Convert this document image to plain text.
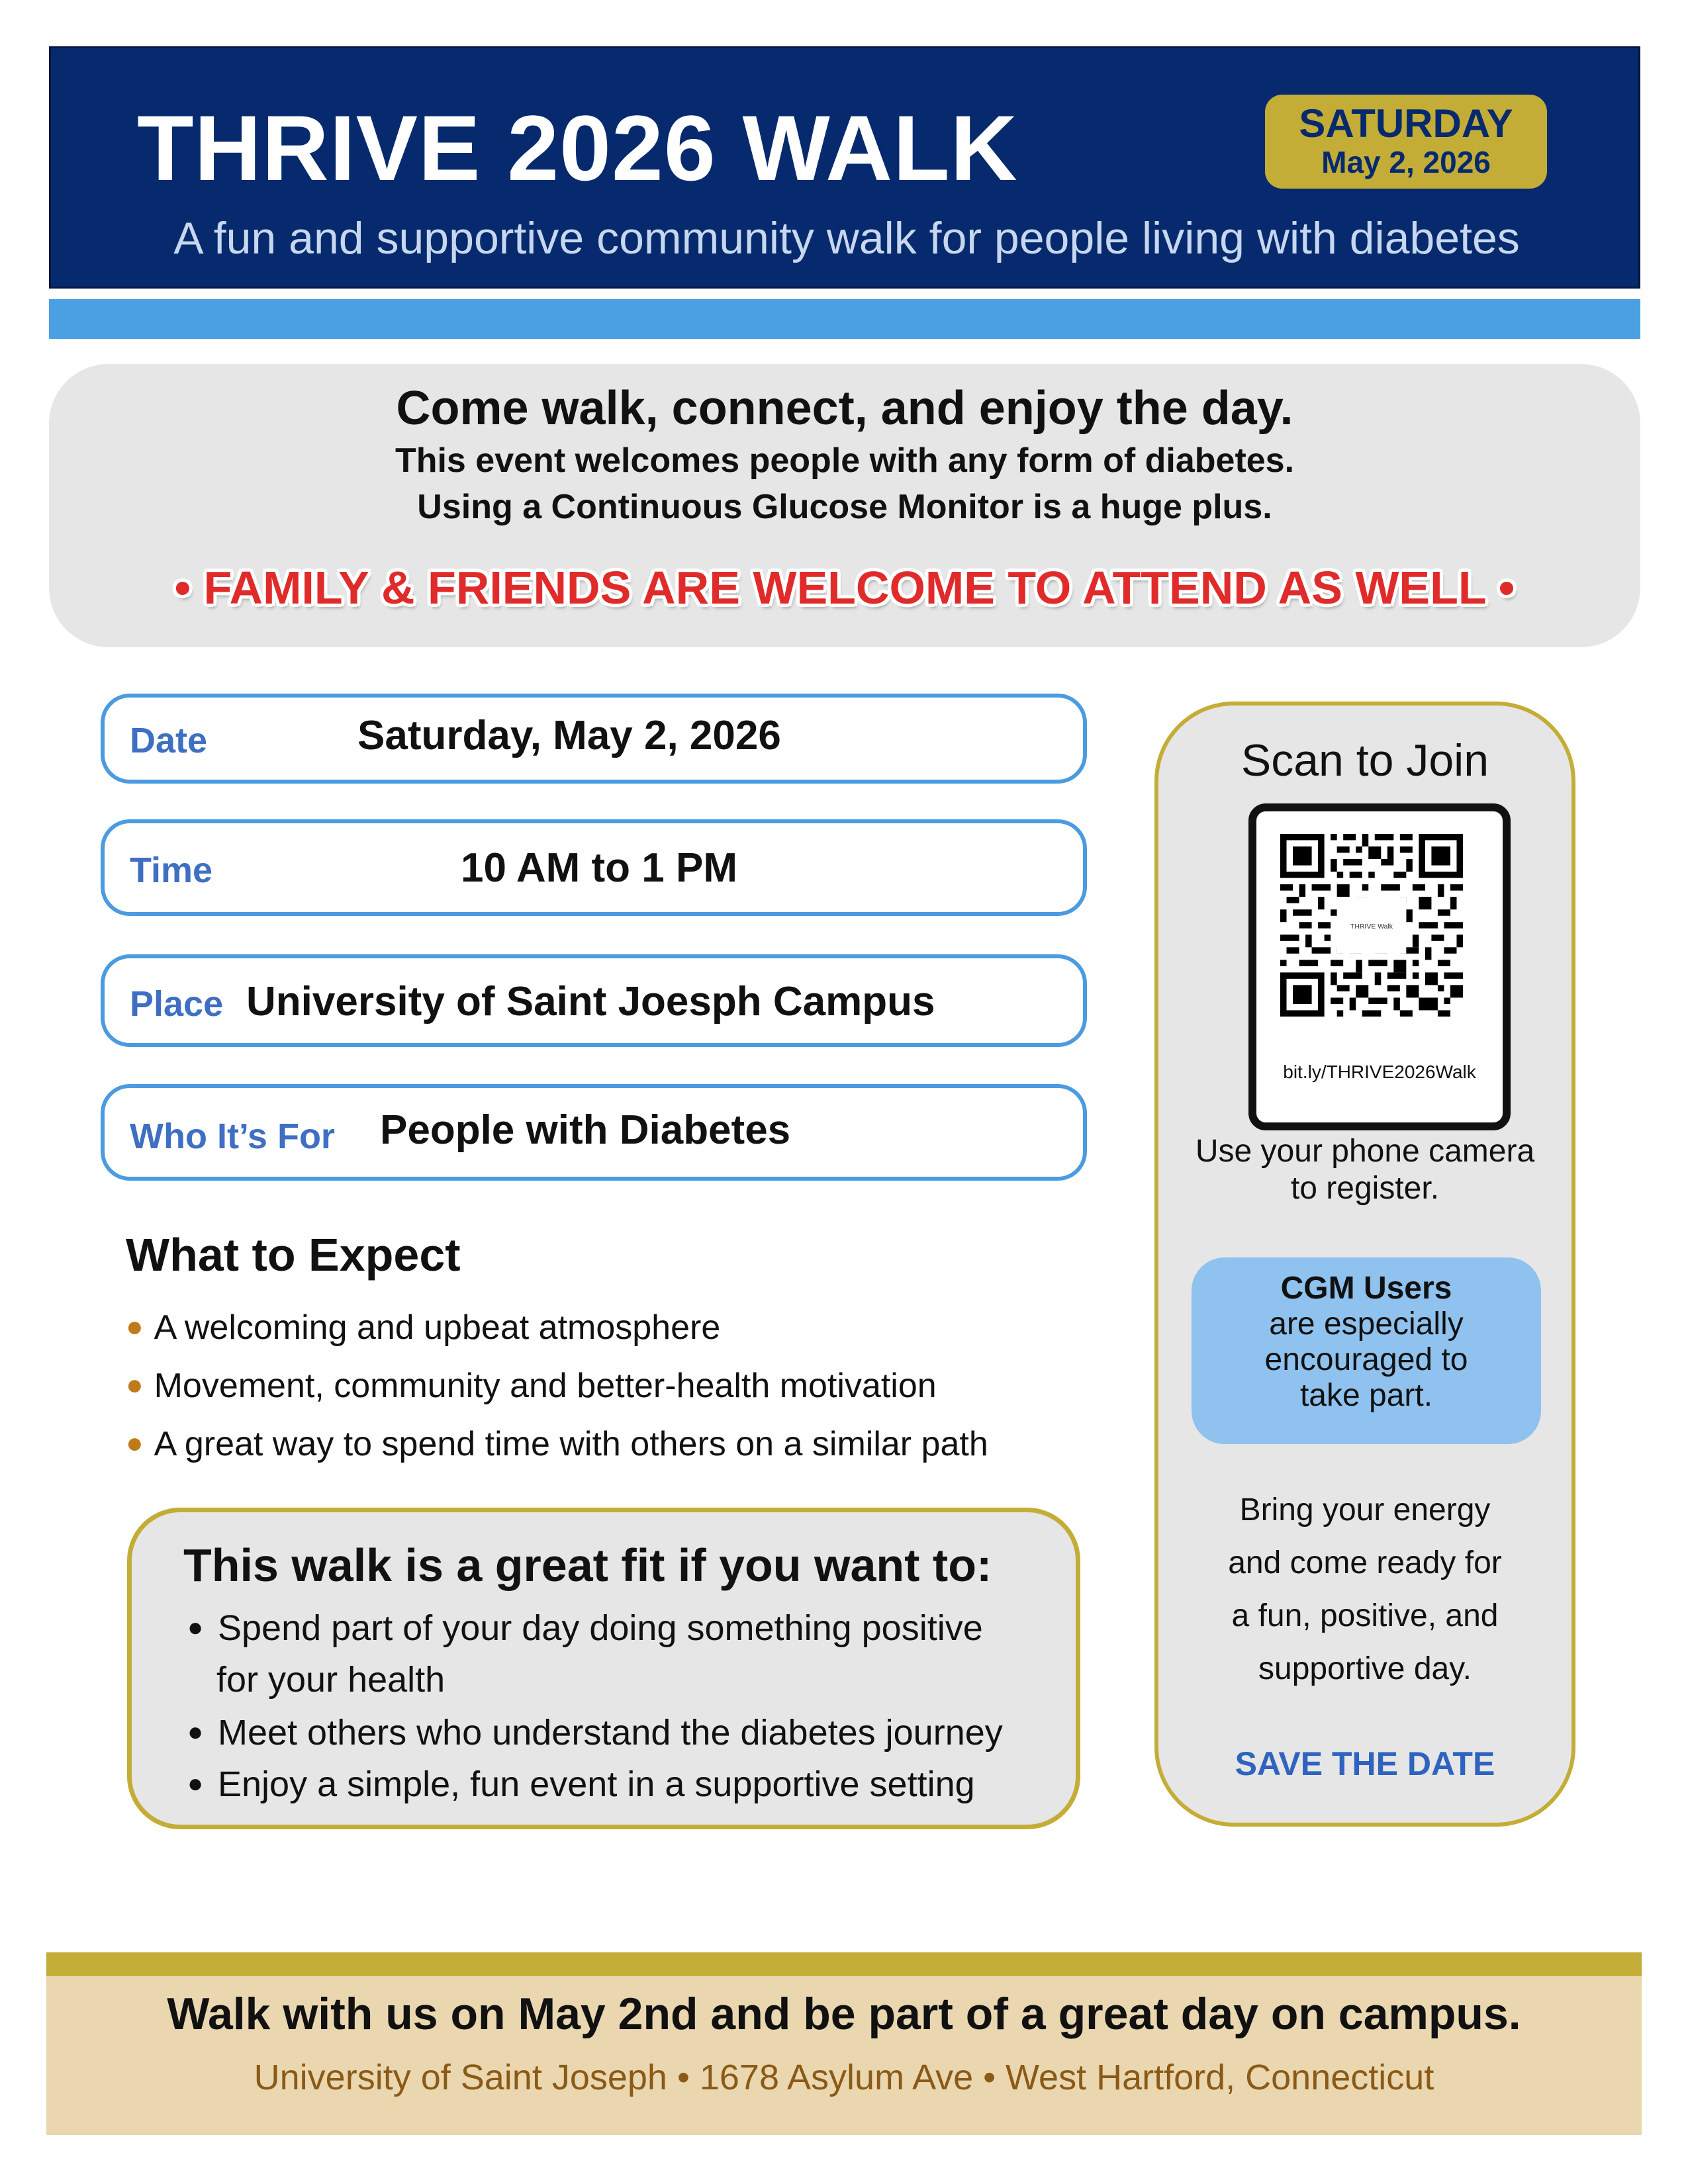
THRIVE 2026 WALK	SATURDAY
May 2, 2026
A fun and supportive community walk for people living with diabetes
Come walk, connect, and enjoy the day.
This event welcomes people with any form of diabetes.
Using a Continuous Glucose Monitor is a huge plus.
• FAMILY & FRIENDS ARE WELCOME TO ATTEND AS WELL •
Date	Saturday, May 2, 2026
Time	10 AM to 1 PM
Place University of Saint Joesph Campus
Who It’s For People with Diabetes
What to Expect
● A welcoming and upbeat atmosphere
● Movement, community and better-health motivation
● A great way to spend time with others on a similar path
This walk is a great fit if you want to:
● Spend part of your day doing something positive
for your health
● Meet others who understand the diabetes journey
● Enjoy a simple, fun event in a supportive setting
Scan to Join
THRIVE Walk
bit.ly/THRIVE2026Walk
Use your phone camera
to register.
CGM Users
are especially
encouraged to
take part.
Bring your energy
and come ready for
a fun, positive, and
supportive day.
SAVE THE DATE
Walk with us on May 2nd and be part of a great day on campus.
University of Saint Joseph • 1678 Asylum Ave • West Hartford, Connecticut
